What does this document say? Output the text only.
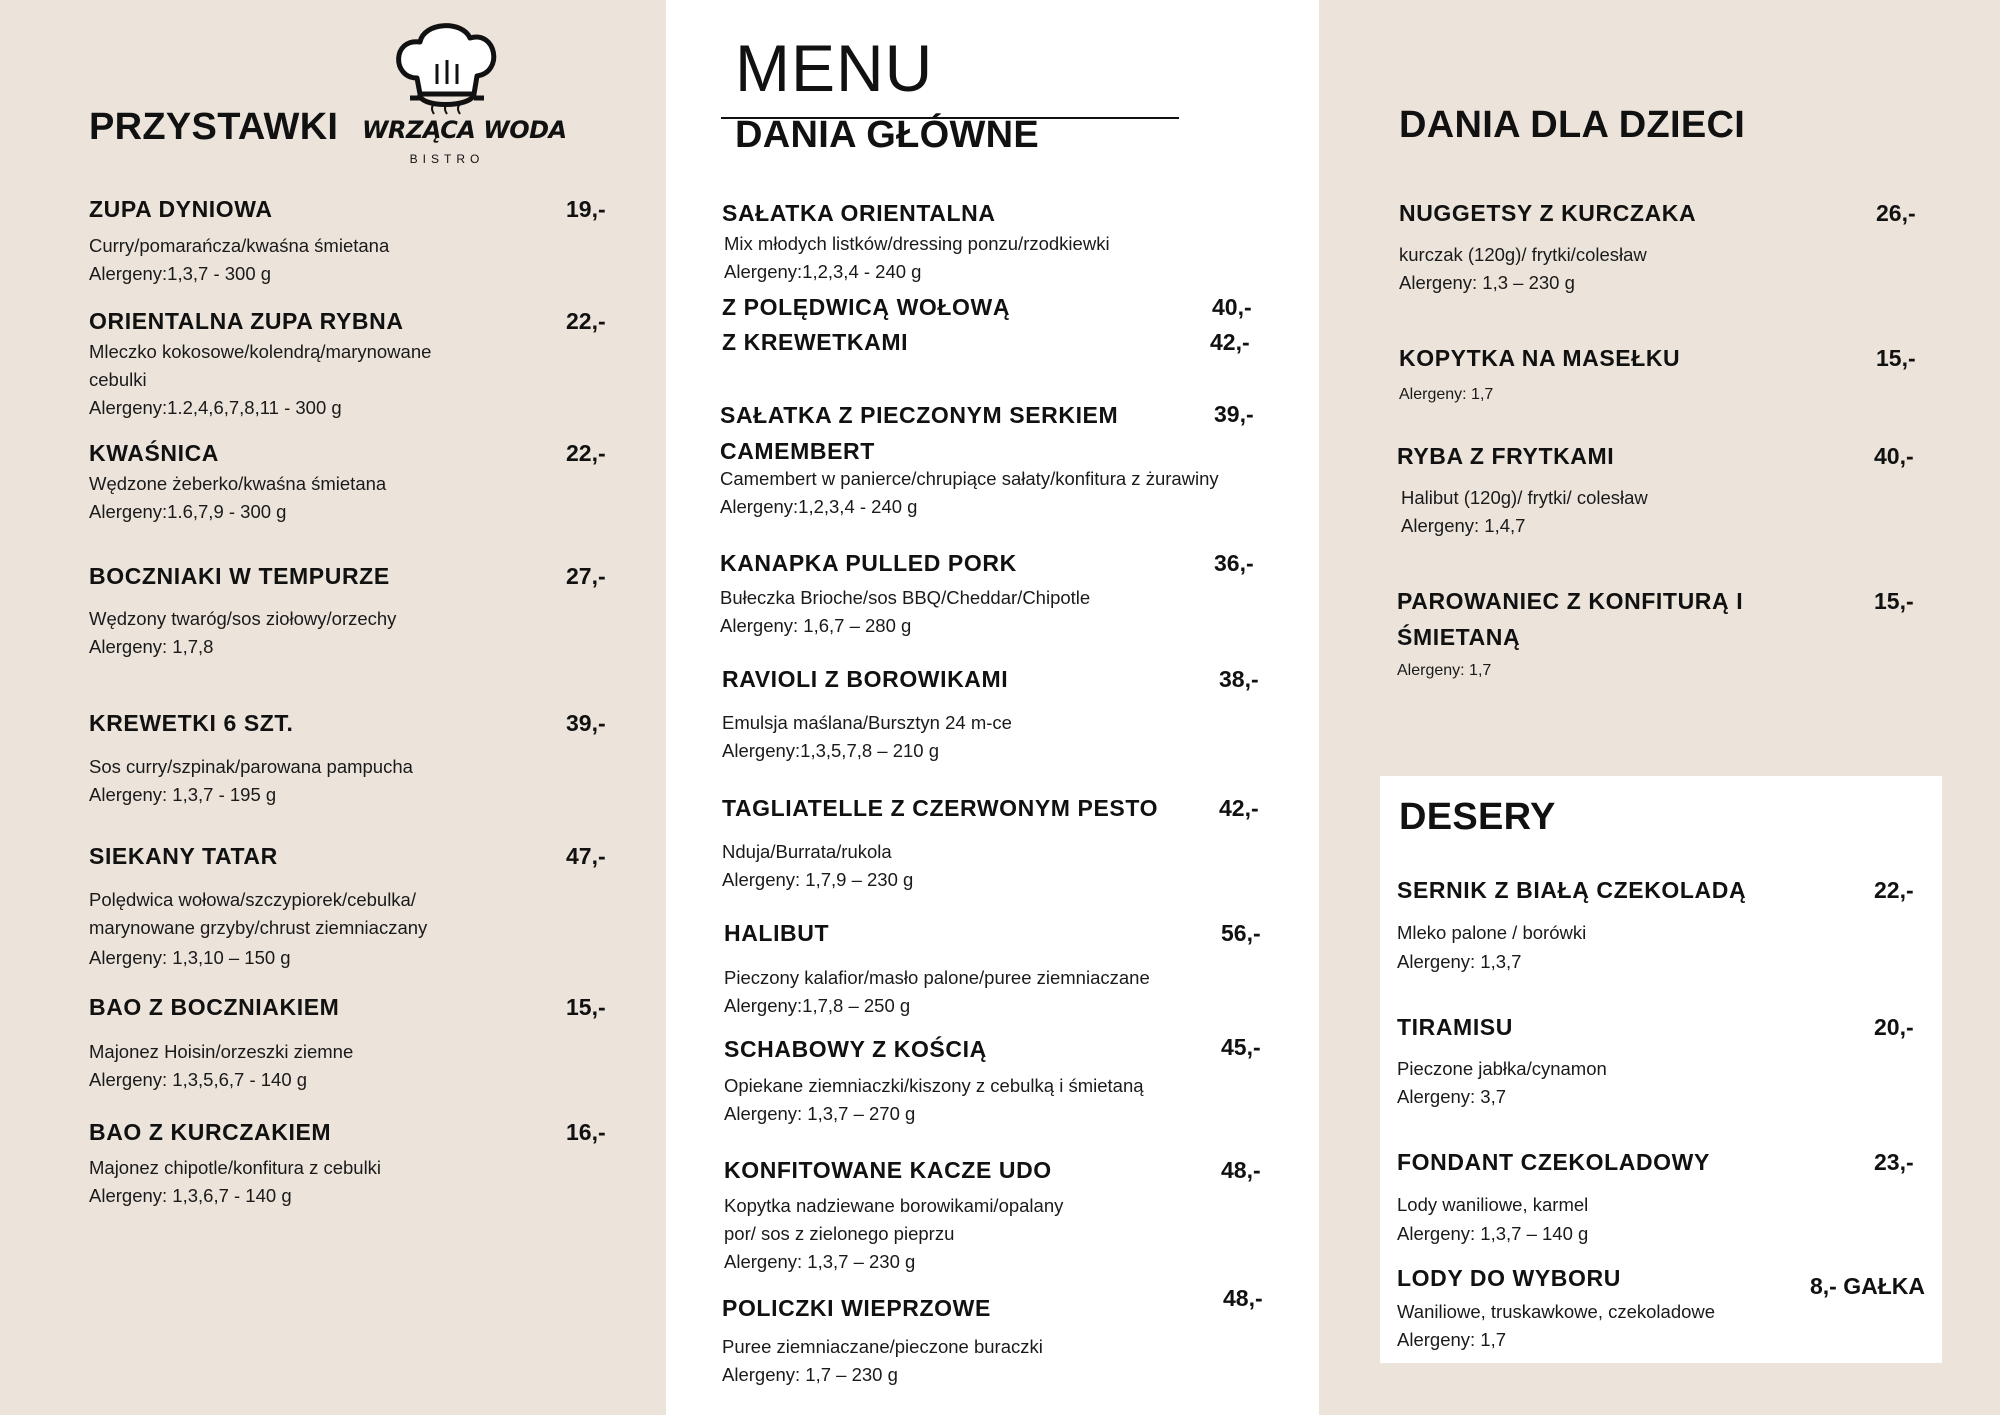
WRZĄCA WODA
BISTRO
MENU
PRZYSTAWKI
ZUPA DYNIOWA	19,-
Curry/pomarańcza/kwaśna śmietana
Alergeny:1,3,7 - 300 g
ORIENTALNA ZUPA RYBNA	22,-
Mleczko kokosowe/kolendrą/marynowane
cebulki
Alergeny:1.2,4,6,7,8,11 - 300 g
KWAŚNICA	22,-
Wędzone żeberko/kwaśna śmietana
Alergeny:1.6,7,9 - 300 g
BOCZNIAKI W TEMPURZE	27,-
Wędzony twaróg/sos ziołowy/orzechy
Alergeny: 1,7,8
KREWETKI 6 SZT.	39,-
Sos curry/szpinak/parowana pampucha
Alergeny: 1,3,7 - 195 g
SIEKANY TATAR	47,-
Polędwica wołowa/szczypiorek/cebulka/
marynowane grzyby/chrust ziemniaczany
Alergeny: 1,3,10 – 150 g
BAO Z BOCZNIAKIEM	15,-
Majonez Hoisin/orzeszki ziemne
Alergeny: 1,3,5,6,7 - 140 g
BAO Z KURCZAKIEM	16,-
Majonez chipotle/konfitura z cebulki
Alergeny: 1,3,6,7 - 140 g
DANIA GŁÓWNE
SAŁATKA ORIENTALNA
Mix młodych listków/dressing ponzu/rzodkiewki
Alergeny:1,2,3,4 - 240 g
Z POLĘDWICĄ WOŁOWĄ	40,-
Z KREWETKAMI	42,-
SAŁATKA Z PIECZONYM SERKIEM
CAMEMBERT
39,-
Camembert w panierce/chrupiące sałaty/konfitura z żurawiny
Alergeny:1,2,3,4 - 240 g
KANAPKA PULLED PORK	36,-
Bułeczka Brioche/sos BBQ/Cheddar/Chipotle
Alergeny: 1,6,7 – 280 g
RAVIOLI Z BOROWIKAMI	38,-
Emulsja maślana/Bursztyn 24 m-ce
Alergeny:1,3,5,7,8 – 210 g
TAGLIATELLE Z CZERWONYM PESTO	42,-
Nduja/Burrata/rukola
Alergeny: 1,7,9 – 230 g
HALIBUT	56,-
Pieczony kalafior/masło palone/puree ziemniaczane
Alergeny:1,7,8 – 250 g
SCHABOWY Z KOŚCIĄ	45,-
Opiekane ziemniaczki/kiszony z cebulką i śmietaną
Alergeny: 1,3,7 – 270 g
KONFITOWANE KACZE UDO	48,-
Kopytka nadziewane borowikami/opalany
por/ sos z zielonego pieprzu
Alergeny: 1,3,7 – 230 g
POLICZKI WIEPRZOWE	48,-
Puree ziemniaczane/pieczone buraczki
Alergeny: 1,7 – 230 g
DANIA DLA DZIECI
NUGGETSY Z KURCZAKA	26,-
kurczak (120g)/ frytki/colesław
Alergeny: 1,3 – 230 g
KOPYTKA NA MASEŁKU	15,-
Alergeny: 1,7
RYBA Z FRYTKAMI	40,-
Halibut (120g)/ frytki/ colesław
Alergeny: 1,4,7
PAROWANIEC Z KONFITURĄ I
ŚMIETANĄ
15,-
Alergeny: 1,7
DESERY
SERNIK Z BIAŁĄ CZEKOLADĄ	22,-
Mleko palone / borówki
Alergeny: 1,3,7
TIRAMISU	20,-
Pieczone jabłka/cynamon
Alergeny: 3,7
FONDANT CZEKOLADOWY	23,-
Lody waniliowe, karmel
Alergeny: 1,3,7 – 140 g
LODY DO WYBORU	8,- GAŁKA
Waniliowe, truskawkowe, czekoladowe
Alergeny: 1,7
